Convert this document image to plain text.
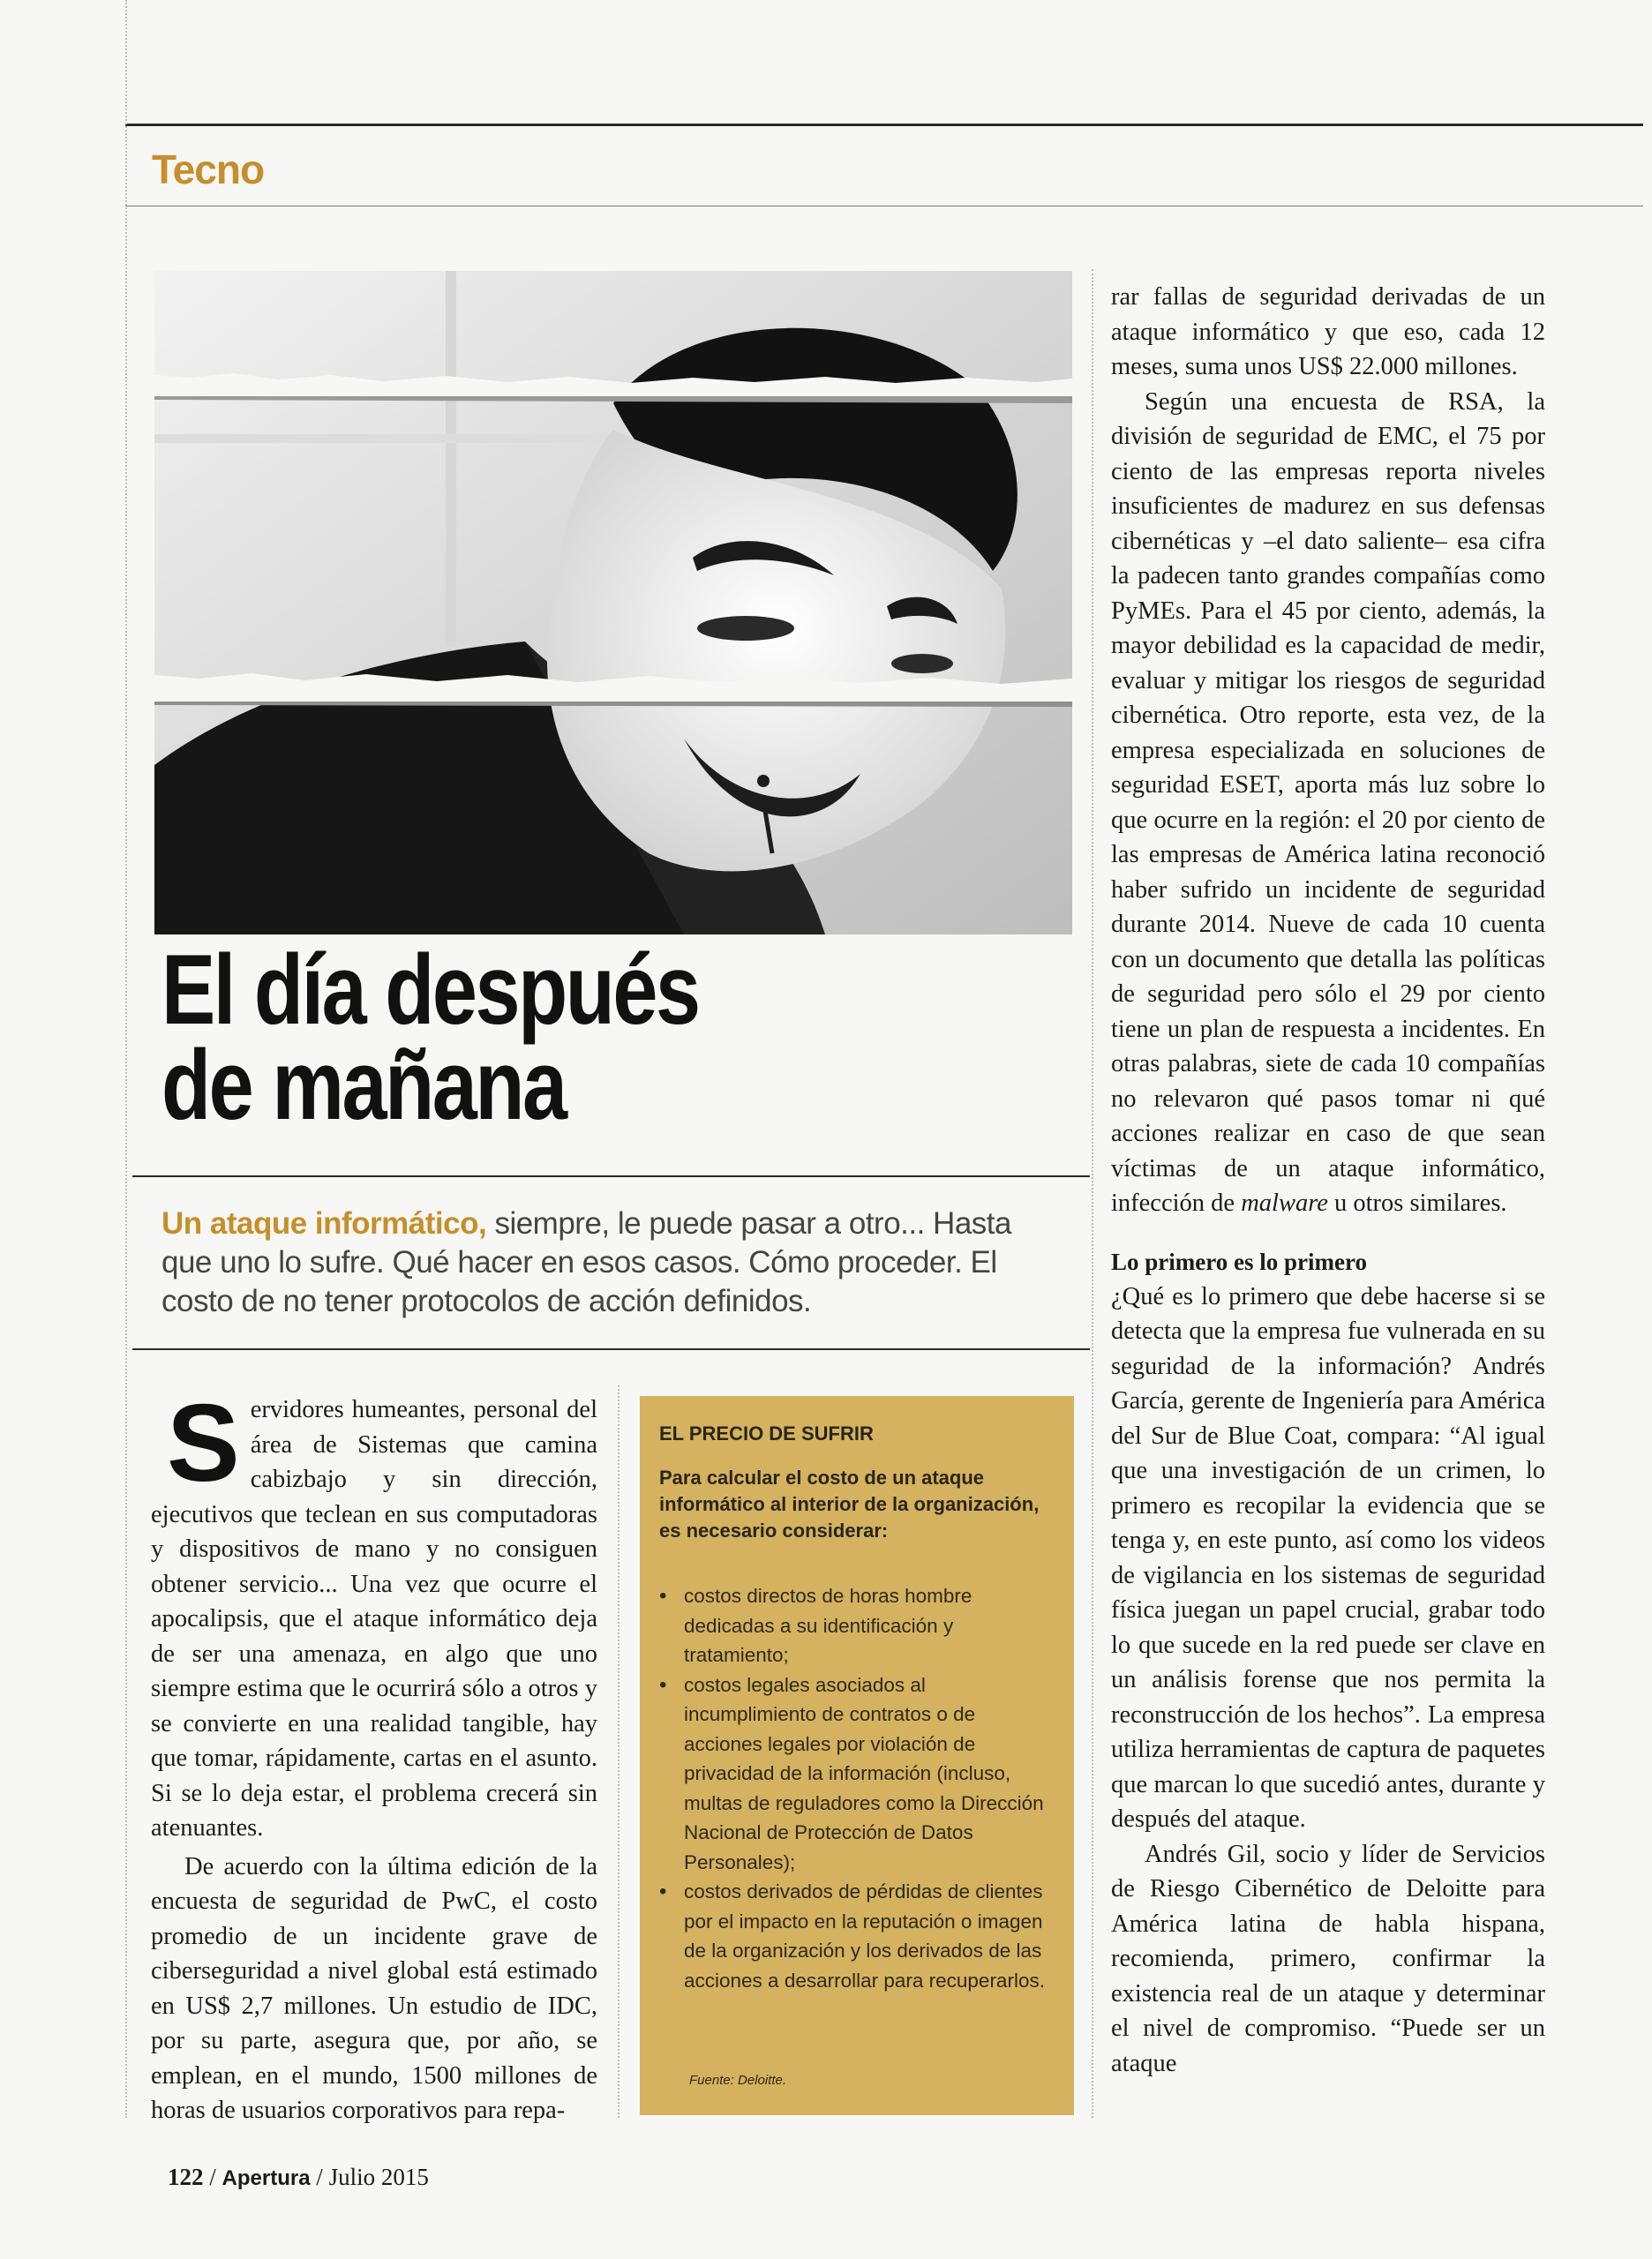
Tecno
El día después
de mañana
Un ataque informático, siempre, le puede pasar a otro... Hasta que uno lo sufre. Qué hacer en esos casos. Cómo proceder. El costo de no tener protocolos de acción definidos.

Servidores humeantes, personal del área de Sistemas que camina cabizbajo y sin dirección, ejecutivos que teclean en sus computadoras y dispositivos de mano y no consiguen obtener servicio... Una vez que ocurre el apocalipsis, que el ataque informático deja de ser una amenaza, en algo que uno siempre estima que le ocurrirá sólo a otros y se convierte en una realidad tangible, hay que tomar, rápidamente, cartas en el asunto. Si se lo deja estar, el problema crecerá sin atenuantes.

De acuerdo con la última edición de la encuesta de seguridad de PwC, el costo promedio de un incidente grave de ciberseguridad a nivel global está estimado en US$ 2,7 millones. Un estudio de IDC, por su parte, asegura que, por año, se emplean, en el mundo, 1500 millones de horas de usuarios corporativos para repa-

EL PRECIO DE SUFRIR
Para calcular el costo de un ataque informático al interior de la organización, es necesario considerar:
• costos directos de horas hombre dedicadas a su identificación y tratamiento;
• costos legales asociados al incumplimiento de contratos o de acciones legales por violación de privacidad de la información (incluso, multas de reguladores como la Dirección Nacional de Protección de Datos Personales);
• costos derivados de pérdidas de clientes por el impacto en la reputación o imagen de la organización y los derivados de las acciones a desarrollar para recuperarlos.
Fuente: Deloitte.

rar fallas de seguridad derivadas de un ataque informático y que eso, cada 12 meses, suma unos US$ 22.000 millones.

Según una encuesta de RSA, la división de seguridad de EMC, el 75 por ciento de las empresas reporta niveles insuficientes de madurez en sus defensas cibernéticas y –el dato saliente– esa cifra la padecen tanto grandes compañías como PyMEs. Para el 45 por ciento, además, la mayor debilidad es la capacidad de medir, evaluar y mitigar los riesgos de seguridad cibernética. Otro reporte, esta vez, de la empresa especializada en soluciones de seguridad ESET, aporta más luz sobre lo que ocurre en la región: el 20 por ciento de las empresas de América latina reconoció haber sufrido un incidente de seguridad durante 2014. Nueve de cada 10 cuenta con un documento que detalla las políticas de seguridad pero sólo el 29 por ciento tiene un plan de respuesta a incidentes. En otras palabras, siete de cada 10 compañías no relevaron qué pasos tomar ni qué acciones realizar en caso de que sean víctimas de un ataque informático, infección de malware u otros similares.

Lo primero es lo primero

¿Qué es lo primero que debe hacerse si se detecta que la empresa fue vulnerada en su seguridad de la información? Andrés García, gerente de Ingeniería para América del Sur de Blue Coat, compara: “Al igual que una investigación de un crimen, lo primero es recopilar la evidencia que se tenga y, en este punto, así como los videos de vigilancia en los sistemas de seguridad física juegan un papel crucial, grabar todo lo que sucede en la red puede ser clave en un análisis forense que nos permita la reconstrucción de los hechos”. La empresa utiliza herramientas de captura de paquetes que marcan lo que sucedió antes, durante y después del ataque.

Andrés Gil, socio y líder de Servicios de Riesgo Cibernético de Deloitte para América latina de habla hispana, recomienda, primero, confirmar la existencia real de un ataque y determinar el nivel de compromiso. “Puede ser un ataque

122 / Apertura / Julio 2015
